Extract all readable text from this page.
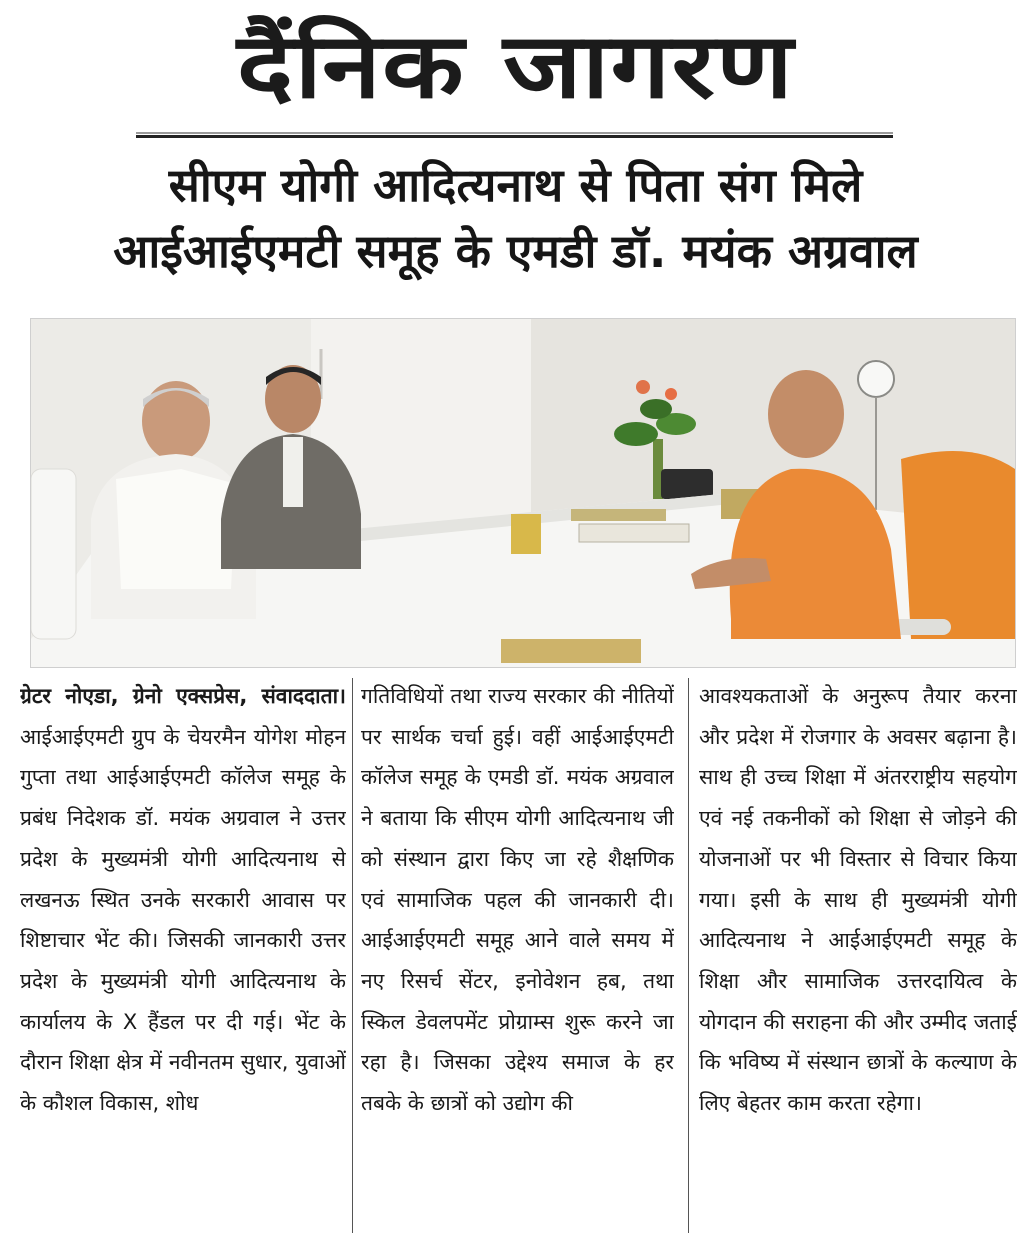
दैंनिक जागरण
सीएम योगी आदित्यनाथ से पिता संग मिले
आईआईएमटी समूह के एमडी डॉ. मयंक अग्रवाल
ग्रेटर नोएडा, ग्रेनो एक्सप्रेस, संवाददाता। आईआईएमटी ग्रुप के चेयरमैन योगेश मोहन गुप्ता तथा आईआईएमटी कॉलेज समूह के प्रबंध निदेशक डॉ. मयंक अग्रवाल ने उत्तर प्रदेश के मुख्यमंत्री योगी आदित्यनाथ से लखनऊ स्थित उनके सरकारी आवास पर शिष्टाचार भेंट की। जिसकी जानकारी उत्तर प्रदेश के मुख्यमंत्री योगी आदित्यनाथ के कार्यालय के X हैंडल पर दी गई। भेंट के दौरान शिक्षा क्षेत्र में नवीनतम सुधार, युवाओं के कौशल विकास, शोध
गतिविधियों तथा राज्य सरकार की नीतियों पर सार्थक चर्चा हुई। वहीं आईआईएमटी कॉलेज समूह के एमडी डॉ. मयंक अग्रवाल ने बताया कि सीएम योगी आदित्यनाथ जी को संस्थान द्वारा किए जा रहे शैक्षणिक एवं सामाजिक पहल की जानकारी दी। आईआईएमटी समूह आने वाले समय में नए रिसर्च सेंटर, इनोवेशन हब, तथा स्किल डेवलपमेंट प्रोग्राम्स शुरू करने जा रहा है। जिसका उद्देश्य समाज के हर तबके के छात्रों को उद्योग की
आवश्यकताओं के अनुरूप तैयार करना और प्रदेश में रोजगार के अवसर बढ़ाना है। साथ ही उच्च शिक्षा में अंतरराष्ट्रीय सहयोग एवं नई तकनीकों को शिक्षा से जोड़ने की योजनाओं पर भी विस्तार से विचार किया गया। इसी के साथ ही मुख्यमंत्री योगी आदित्यनाथ ने आईआईएमटी समूह के शिक्षा और सामाजिक उत्तरदायित्व के योगदान की सराहना की और उम्मीद जताई कि भविष्य में संस्थान छात्रों के कल्याण के लिए बेहतर काम करता रहेगा।
